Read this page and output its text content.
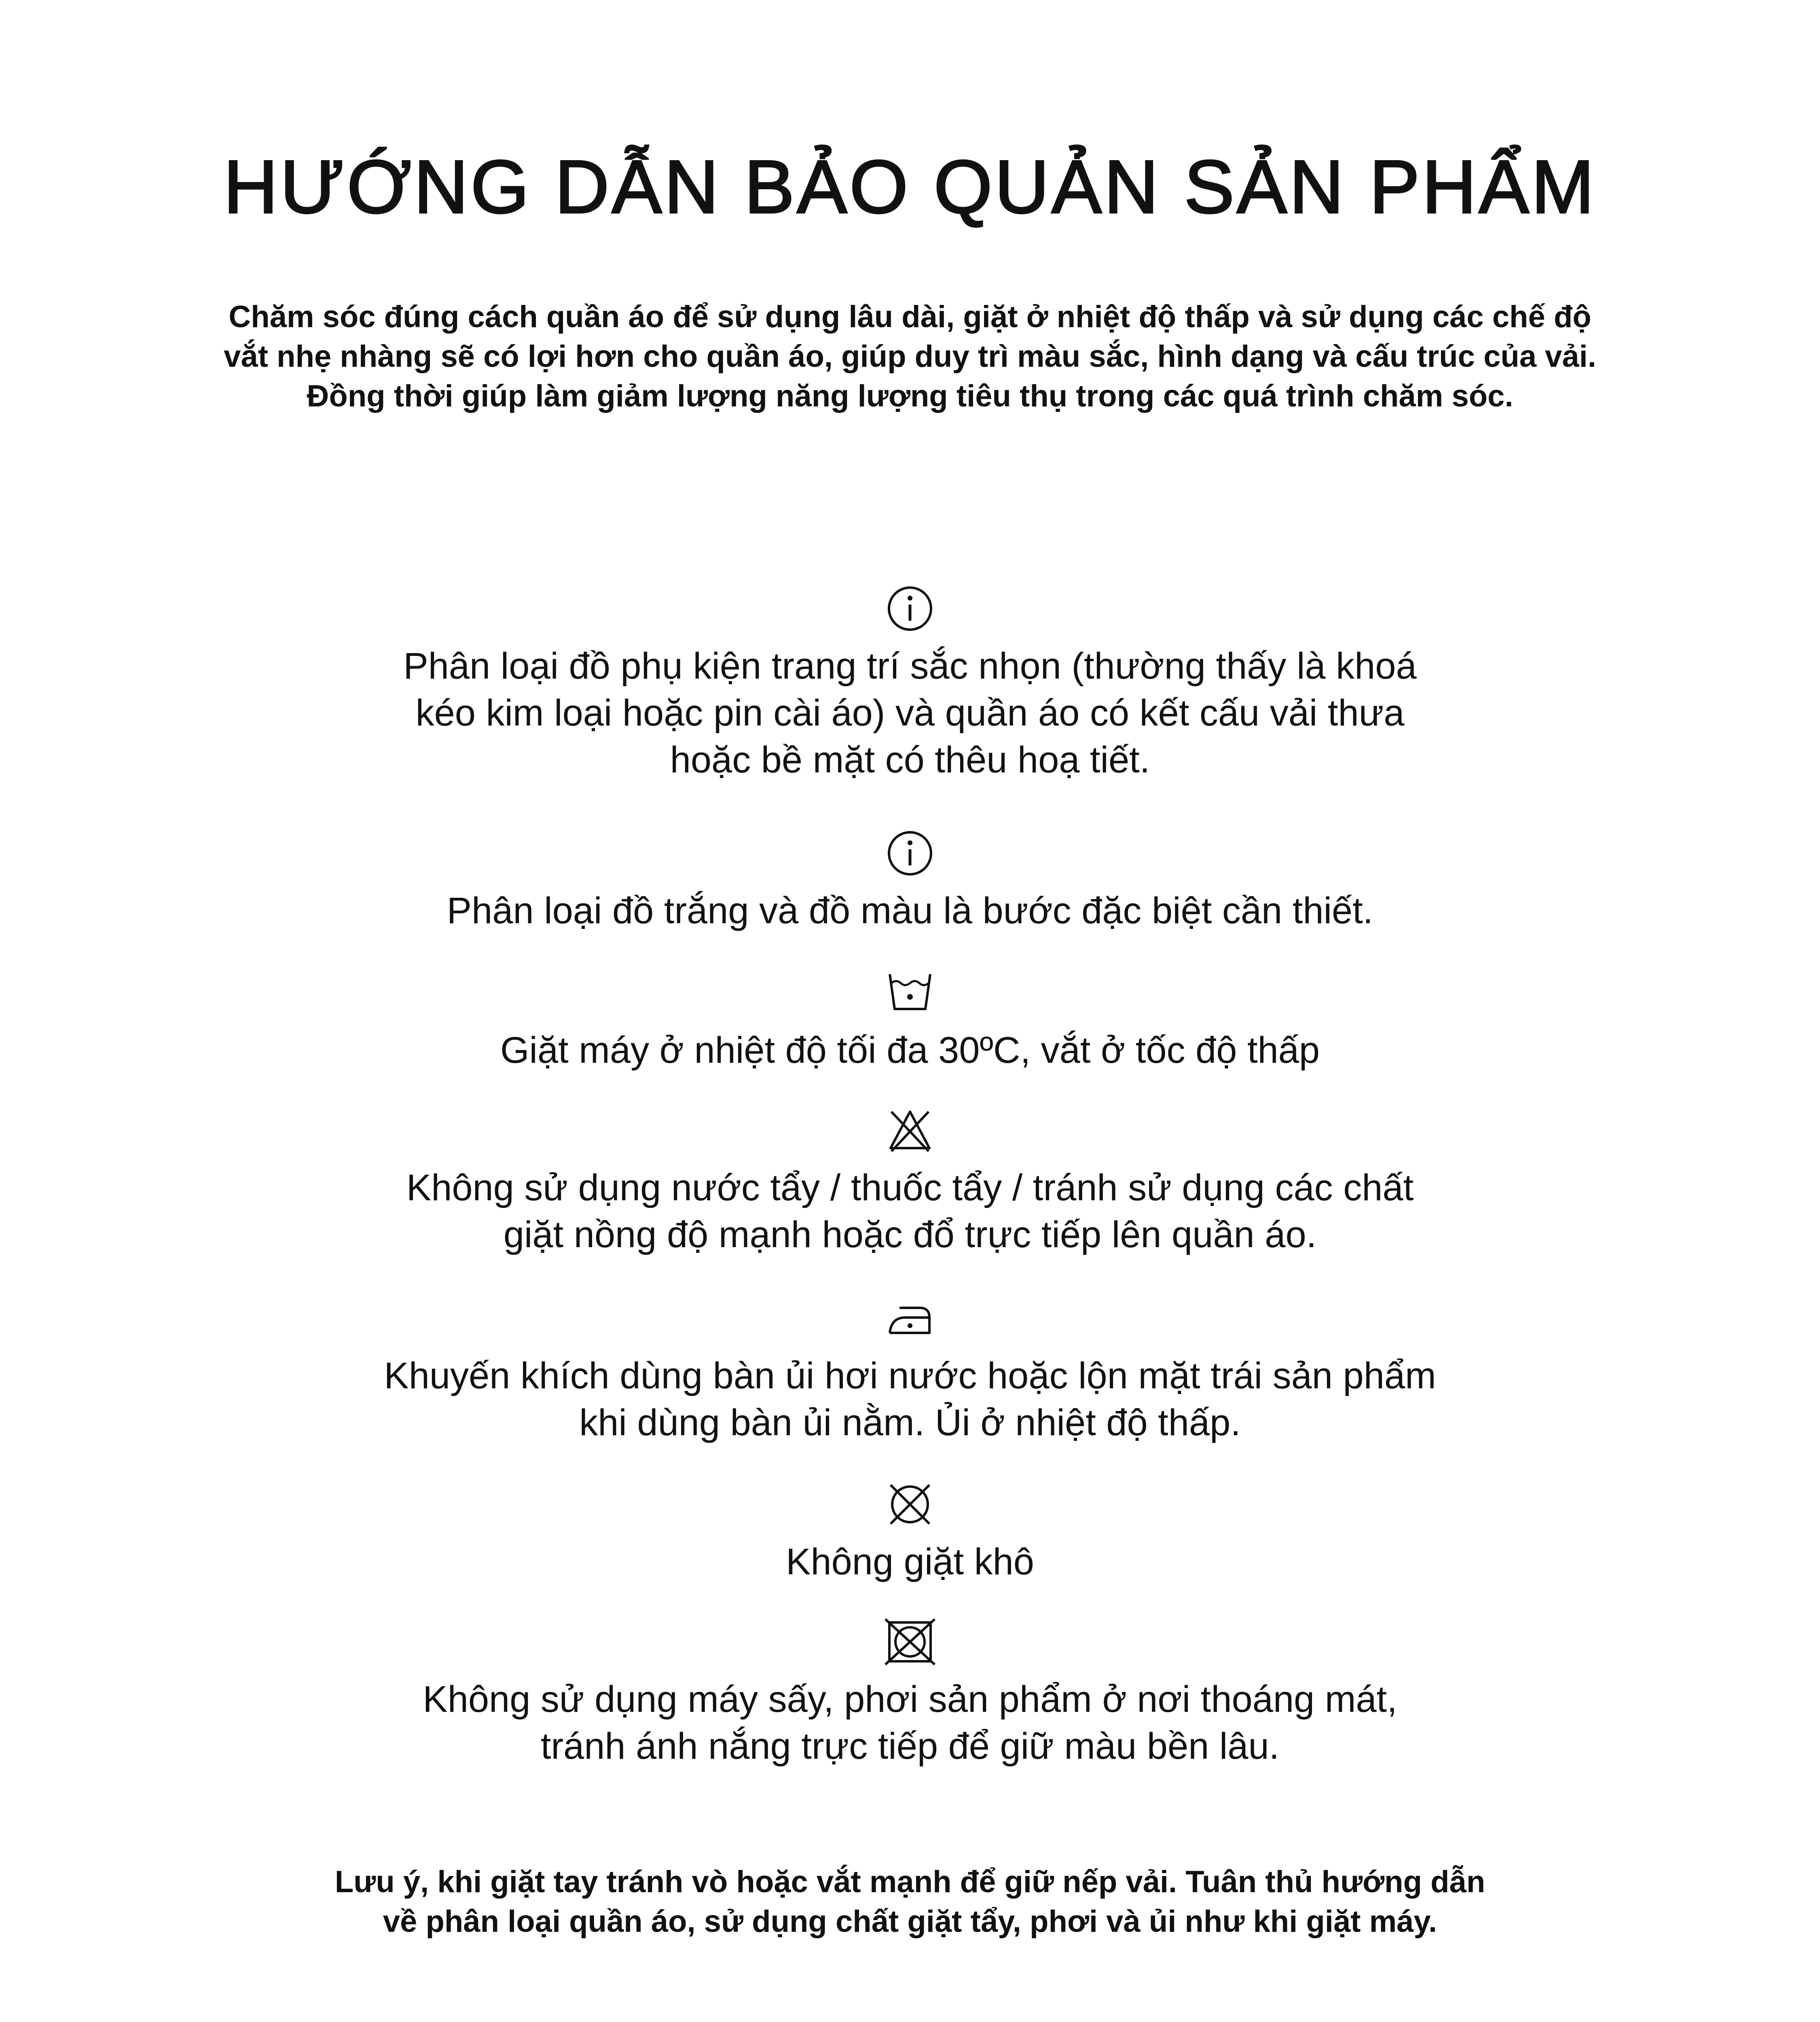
HƯỚNG DẪN BẢO QUẢN SẢN PHẨM
Chăm sóc đúng cách quần áo để sử dụng lâu dài, giặt ở nhiệt độ thấp và sử dụng các chế độ
vắt nhẹ nhàng sẽ có lợi hơn cho quần áo, giúp duy trì màu sắc, hình dạng và cấu trúc của vải.
Đồng thời giúp làm giảm lượng năng lượng tiêu thụ trong các quá trình chăm sóc.
Phân loại đồ phụ kiện trang trí sắc nhọn (thường thấy là khoá
kéo kim loại hoặc pin cài áo) và quần áo có kết cấu vải thưa
hoặc bề mặt có thêu hoạ tiết.
Phân loại đồ trắng và đồ màu là bước đặc biệt cần thiết.
Giặt máy ở nhiệt độ tối đa 30ºC, vắt ở tốc độ thấp
Không sử dụng nước tẩy / thuốc tẩy / tránh sử dụng các chất
giặt nồng độ mạnh hoặc đổ trực tiếp lên quần áo.
Khuyến khích dùng bàn ủi hơi nước hoặc lộn mặt trái sản phẩm
khi dùng bàn ủi nằm. Ủi ở nhiệt độ thấp.
Không giặt khô
Không sử dụng máy sấy, phơi sản phẩm ở nơi thoáng mát,
tránh ánh nắng trực tiếp để giữ màu bền lâu.
Lưu ý, khi giặt tay tránh vò hoặc vắt mạnh để giữ nếp vải. Tuân thủ hướng dẫn
về phân loại quần áo, sử dụng chất giặt tẩy, phơi và ủi như khi giặt máy.
